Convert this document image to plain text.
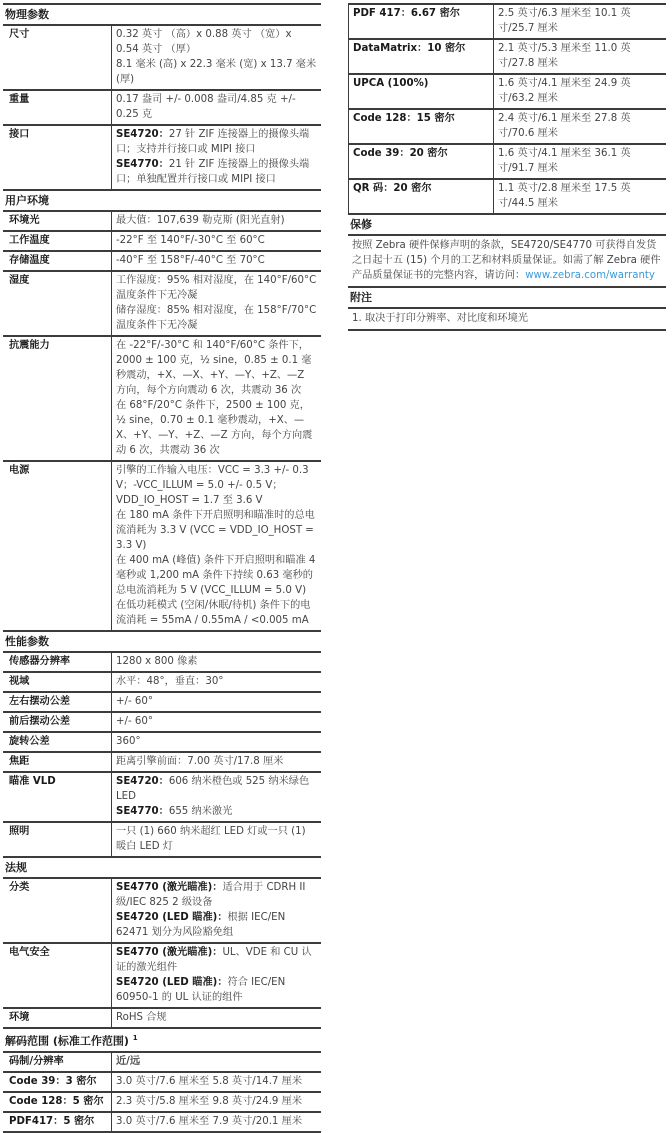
物理参数
尺寸	0.32 英寸 （高）x 0.88 英寸 （宽）x 0.54 英寸 （厚）
8.1 毫米 (高) x 22.3 毫米 (宽) x 13.7 毫米 (厚)

重量	0.17 盎司 +/- 0.008 盎司/4.85 克 +/- 0.25 克

接口	SE4720：27 针 ZIF 连接器上的摄像头端口；支持并行接口或 MIPI 接口
SE4770：21 针 ZIF 连接器上的摄像头端口；单独配置并行接口或 MIPI 接口
用户环境
环境光	最大值：107,639 勒克斯 (阳光直射)

工作温度	-22°F 至 140°F/-30°C 至 60°C

存储温度	-40°F 至 158°F/-40°C 至 70°C

湿度	工作湿度：95% 相对湿度，在 140°F/60°C 温度条件下无冷凝
储存湿度：85% 相对湿度，在 158°F/70°C 温度条件下无冷凝

抗震能力	在 -22°F/-30°C 和 140°F/60°C 条件下，2000 ± 100 克，½ sine，0.85 ± 0.1 毫秒震动，+X、—X、+Y、—Y、+Z、—Z 方向，每个方向震动 6 次，共震动 36 次
在 68°F/20°C 条件下，2500 ± 100 克，½ sine，0.70 ± 0.1 毫秒震动，+X、—X、+Y、—Y、+Z、—Z 方向，每个方向震动 6 次，共震动 36 次

电源	引擎的工作输入电压：VCC = 3.3 +/- 0.3 V；-VCC_ILLUM = 5.0 +/- 0.5 V；VDD_IO_HOST = 1.7 至 3.6 V
在 180 mA 条件下开启照明和瞄准时的总电流消耗为 3.3 V (VCC = VDD_IO_HOST = 3.3 V)
在 400 mA (峰值) 条件下开启照明和瞄准 4 毫秒或 1,200 mA 条件下持续 0.63 毫秒的总电流消耗为 5 V (VCC_ILLUM = 5.0 V)
在低功耗模式 (空闲/休眠/待机) 条件下的电流消耗 = 55mA / 0.55mA / <0.005 mA
性能参数
传感器分辨率	1280 x 800 像素

视域	水平：48°，垂直：30°

左右摆动公差	+/- 60°

前后摆动公差	+/- 60°

旋转公差	360°

焦距	距离引擎前面：7.00 英寸/17.8 厘米

瞄准 VLD	SE4720：606 纳米橙色或 525 纳米绿色 LED
SE4770：655 纳米激光

照明	一只 (1) 660 纳米超红 LED 灯或一只 (1) 暖白 LED 灯
法规
分类	SE4770 (激光瞄准)：适合用于 CDRH II 级/IEC 825 2 级设备
SE4720 (LED 瞄准)：根据 IEC/EN 62471 划分为风险豁免组

电气安全	SE4770 (激光瞄准)：UL、VDE 和 CU 认证的激光组件
SE4720 (LED 瞄准)：符合 IEC/EN 60950-1 的 UL 认证的组件

环境	RoHS 合规
解码范围 (标准工作范围) $^1$
码制/分辨率	近/远
Code 39：3 密尔	3.0 英寸/7.6 厘米至 5.8 英寸/14.7 厘米
Code 128：5 密尔	2.3 英寸/5.8 厘米至 9.8 英寸/24.9 厘米
PDF417：5 密尔	3.0 英寸/7.6 厘米至 7.9 英寸/20.1 厘米
PDF 417：6.67 密尔	2.5 英寸/6.3 厘米至 10.1 英寸/25.7 厘米
DataMatrix：10 密尔	2.1 英寸/5.3 厘米至 11.0 英寸/27.8 厘米
UPCA (100%)	1.6 英寸/4.1 厘米至 24.9 英寸/63.2 厘米
Code 128：15 密尔	2.4 英寸/6.1 厘米至 27.8 英寸/70.6 厘米
Code 39：20 密尔	1.6 英寸/4.1 厘米至 36.1 英寸/91.7 厘米
QR 码：20 密尔	1.1 英寸/2.8 厘米至 17.5 英寸/44.5 厘米
保修
按照 Zebra 硬件保修声明的条款，SE4720/SE4770 可获得自发货之日起十五 (15) 个月的工艺和材料质量保证。如需了解 Zebra 硬件产品质量保证书的完整内容，请访问：www.zebra.com/warranty
附注
1. 取决于打印分辨率、对比度和环境光
